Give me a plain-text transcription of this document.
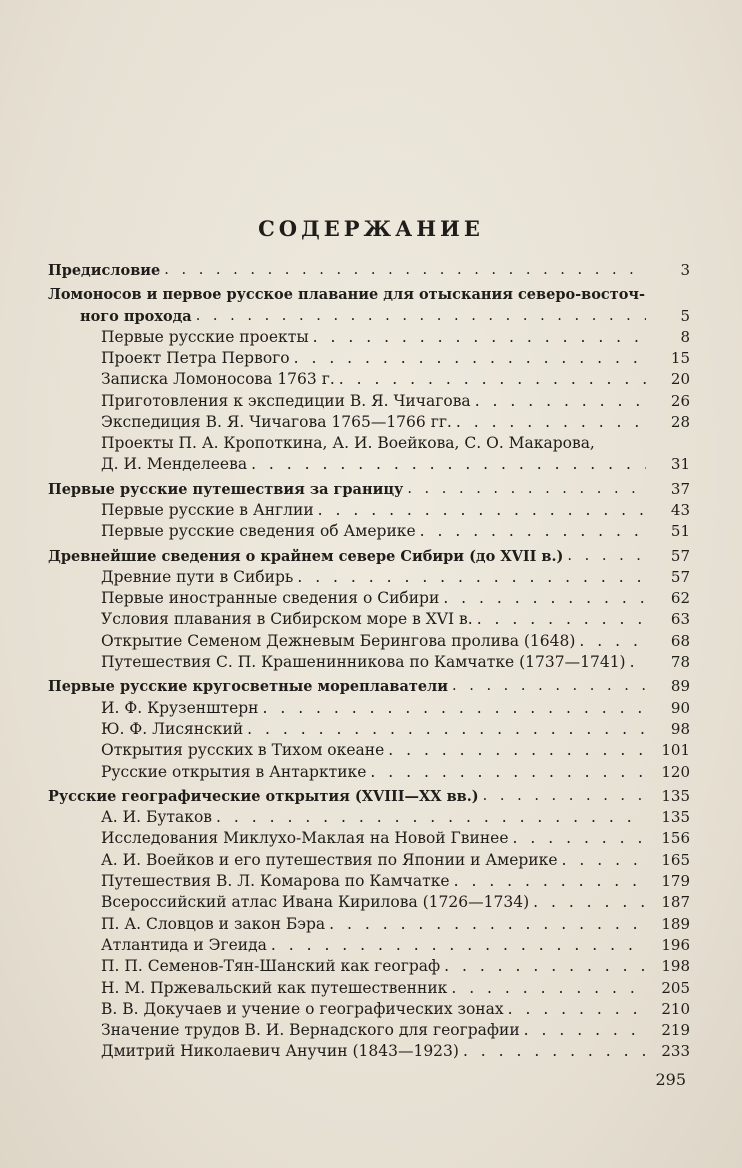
СОДЕРЖАНИЕ
Предисловие . . .	3
Ломоносов и первое русское плавание для отыскания северо-восточ-
ного прохода . . .	5
Первые русские проекты . . .	8
Проект Петра Первого . . .	15
Записка Ломоносова 1763 г. . . .	20
Приготовления к экспедиции В. Я. Чичагова . . .	26
Экспедиция В. Я. Чичагова 1765—1766 гг. . . .	28
Проекты П. А. Кропоткина, А. И. Воейкова, С. О. Макарова,
Д. И. Менделеева . . .	31
Первые русские путешествия за границу . . .	37
Первые русские в Англии . . .	43
Первые русские сведения об Америке . . .	51
Древнейшие сведения о крайнем севере Сибири (до XVII в.) . . .	57
Древние пути в Сибирь . . .	57
Первые иностранные сведения о Сибири . . .	62
Условия плавания в Сибирском море в XVI в. . . .	63
Открытие Семеном Дежневым Берингова пролива (1648) . . .	68
Путешествия С. П. Крашенинникова по Камчатке (1737—1741) . . .	78
Первые русские кругосветные мореплаватели . . .	89
И. Ф. Крузенштерн . . .	90
Ю. Ф. Лисянский . . .	98
Открытия русских в Тихом океане . . .	101
Русские открытия в Антарктике . . .	120
Русские географические открытия (XVIII—XX вв.) . . .	135
А. И. Бутаков . . .	135
Исследования Миклухо-Маклая на Новой Гвинее . . .	156
А. И. Воейков и его путешествия по Японии и Америке . . .	165
Путешествия В. Л. Комарова по Камчатке . . .	179
Всероссийский атлас Ивана Кирилова (1726—1734) . . .	187
П. А. Словцов и закон Бэра . . .	189
Атлантида и Эгеида . . .	196
П. П. Семенов-Тян-Шанский как географ . . .	198
Н. М. Пржевальский как путешественник . . .	205
В. В. Докучаев и учение о географических зонах . . .	210
Значение трудов В. И. Вернадского для географии . . .	219
Дмитрий Николаевич Анучин (1843—1923) . . .	233
295
